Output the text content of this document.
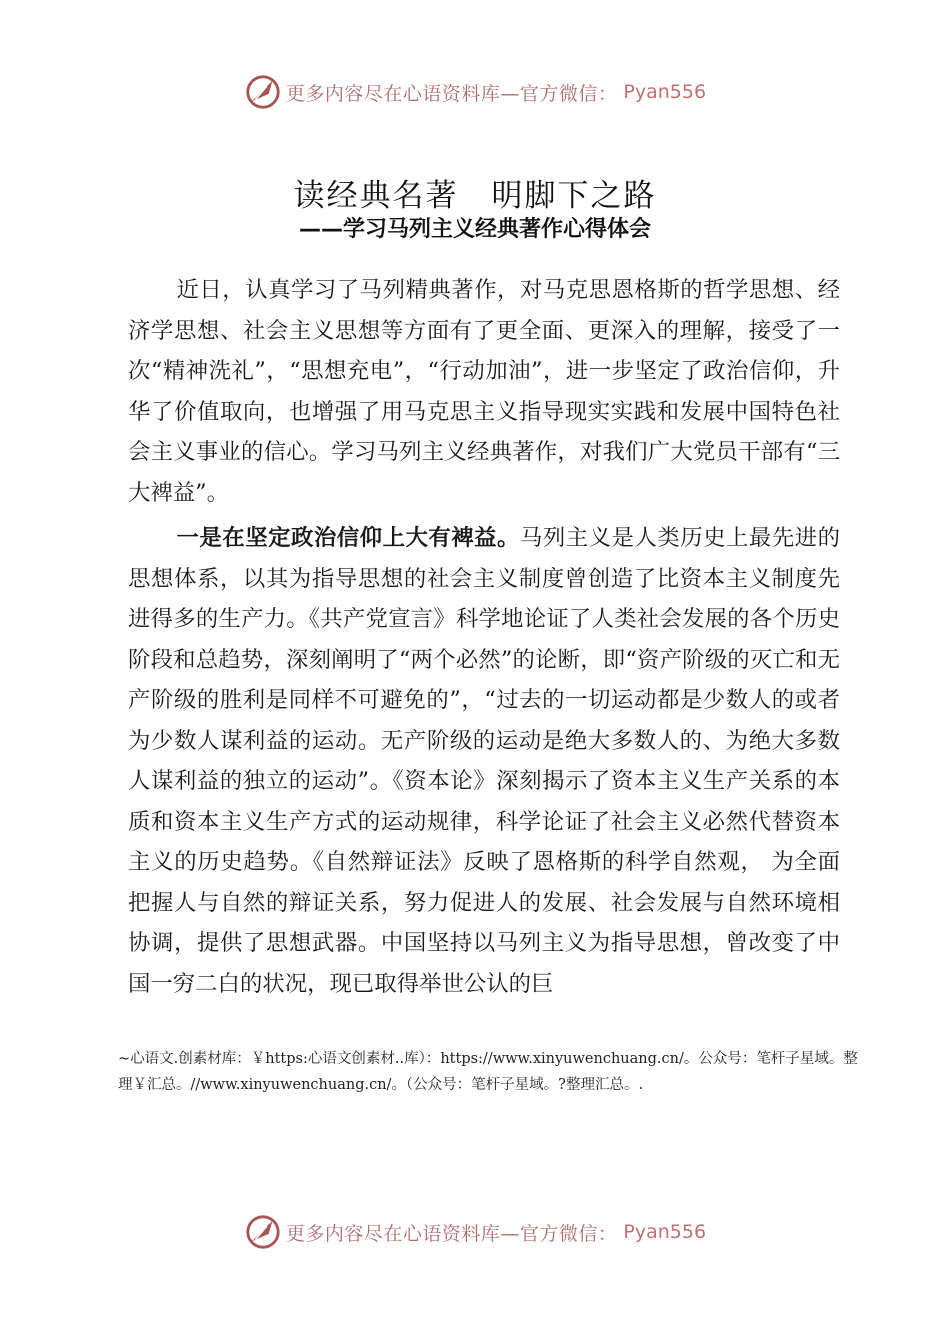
更多内容尽在心语资料库—官方微信： Pyan556
读经典名著　明脚下之路
——学习马列主义经典著作心得体会
近日，认真学习了马列精典著作，对马克思恩格斯的哲学思想、经济学思想、社会主义思想等方面有了更全面、更深入的理解，接受了一次“精神洗礼”，“思想充电”，“行动加油”，进一步坚定了政治信仰，升华了价值取向，也增强了用马克思主义指导现实实践和发展中国特色社会主义事业的信心。学习马列主义经典著作，对我们广大党员干部有“三大裨益”。
一是在坚定政治信仰上大有裨益。马列主义是人类历史上最先进的思想体系，以其为指导思想的社会主义制度曾创造了比资本主义制度先进得多的生产力。《共产党宣言》科学地论证了人类社会发展的各个历史阶段和总趋势，深刻阐明了“两个必然”的论断，即“资产阶级的灭亡和无产阶级的胜利是同样不可避免的”，“过去的一切运动都是少数人的或者为少数人谋利益的运动。无产阶级的运动是绝大多数人的、为绝大多数人谋利益的独立的运动”。《资本论》深刻揭示了资本主义生产关系的本质和资本主义生产方式的运动规律，科学论证了社会主义必然代替资本主义的历史趋势。《自然辩证法》反映了恩格斯的科学自然观， 为全面把握人与自然的辩证关系，努力促进人的发展、社会发展与自然环境相协调，提供了思想武器。中国坚持以马列主义为指导思想，曾改变了中国一穷二白的状况，现已取得举世公认的巨
~心语文.创素材库：￥https:心语文创素材..库）：https://www.xinyuwenchuang.cn/。公众号：笔杆子星域。整理￥汇总。//www.xinyuwenchuang.cn/。（公众号：笔杆子星域。?整理汇总。.
更多内容尽在心语资料库—官方微信： Pyan556
